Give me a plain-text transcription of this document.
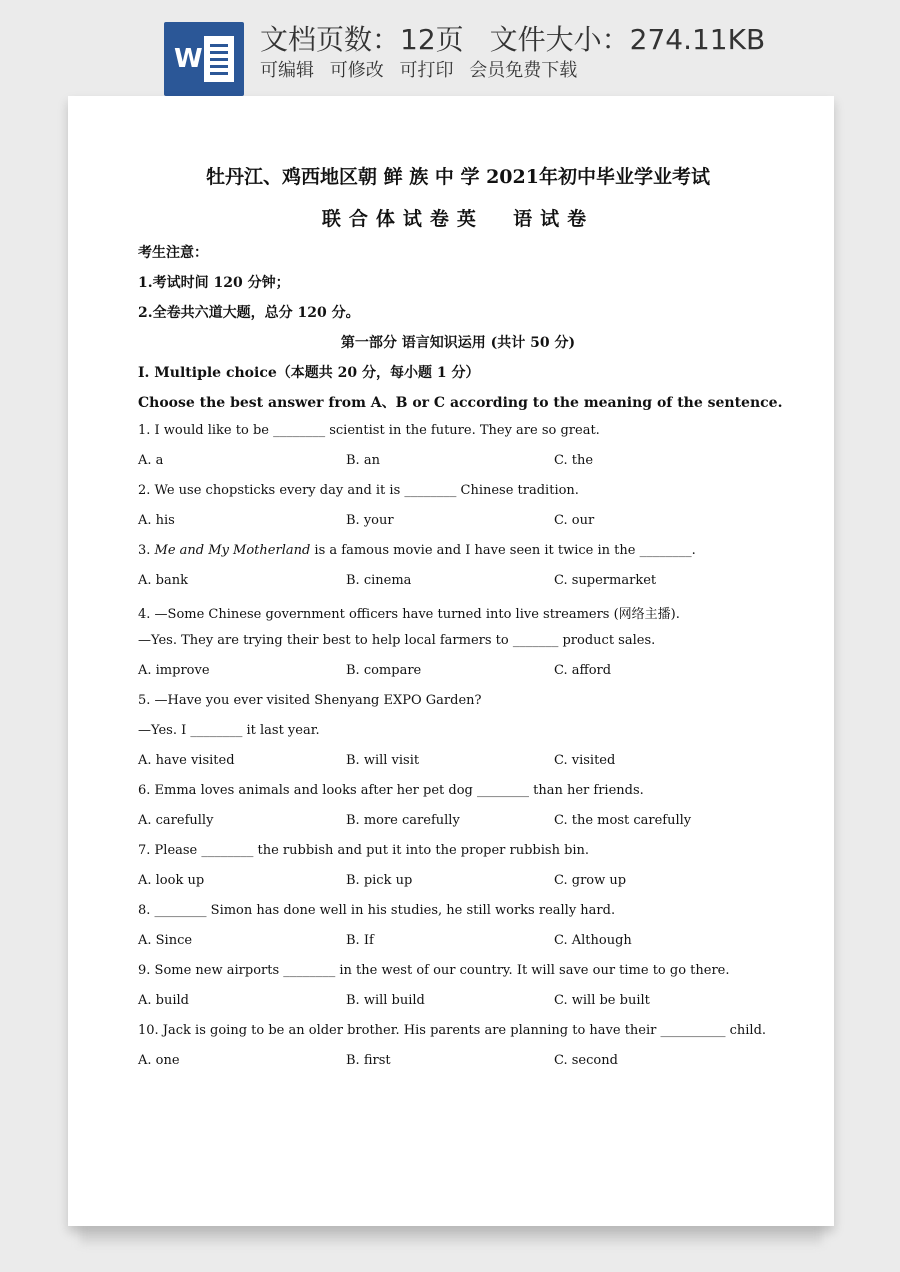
W
文档页数：12页 文件大小：274.11KB
可编辑 可修改 可打印 会员免费下载
牡丹江、鸡西地区朝 鲜 族 中 学 2021年初中毕业学业考试
联合体试卷英  语试卷
考生注意：
1.考试时间 120 分钟；
2.全卷共六道大题，总分 120 分。
第一部分 语言知识运用 (共计 50 分)
I. Multiple choice（本题共 20 分，每小题 1 分）
Choose the best answer from A、B or C according to the meaning of the sentence.
1. I would like to be ________ scientist in the future. They are so great.
A. a	B. an	C. the
2. We use chopsticks every day and it is ________ Chinese tradition.
A. his	B. your	C. our
3. Me and My Motherland is a famous movie and I have seen it twice in the ________.
A. bank	B. cinema	C. supermarket
4. —Some Chinese government officers have turned into live streamers (网络主播).
—Yes. They are trying their best to help local farmers to _______ product sales.
A. improve	B. compare	C. afford
5. —Have you ever visited Shenyang EXPO Garden?
—Yes. I ________ it last year.
A. have visited	B. will visit	C. visited
6. Emma loves animals and looks after her pet dog ________ than her friends.
A. carefully	B. more carefully	C. the most carefully
7. Please ________ the rubbish and put it into the proper rubbish bin.
A. look up	B. pick up	C. grow up
8. ________ Simon has done well in his studies, he still works really hard.
A. Since	B. If	C. Although
9. Some new airports ________ in the west of our country. It will save our time to go there.
A. build	B. will build	C. will be built
10. Jack is going to be an older brother. His parents are planning to have their __________ child.
A. one	B. first	C. second
